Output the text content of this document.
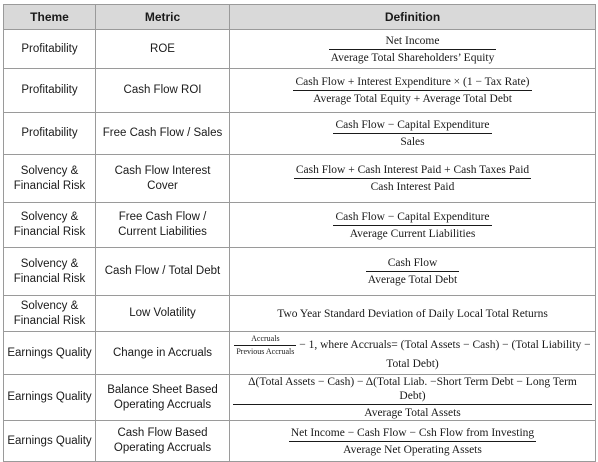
Theme	Metric	Definition
Profitability	ROE	$\frac{\text{Net Income}}{\text{Average Total Shareholders’ Equity}}$

Profitability	Cash Flow ROI	$\frac{\text{Cash Flow + Interest Expenditure × (1 − Tax Rate)}}{\text{Average Total Equity + Average Total Debt}}$

Profitability	Free Cash Flow / Sales	$\frac{\text{Cash Flow − Capital Expenditure}}{\text{Sales}}$

Solvency & Financial Risk	Cash Flow Interest Cover	$\frac{\text{Cash Flow + Cash Interest Paid + Cash Taxes Paid}}{\text{Cash Interest Paid}}$

Solvency & Financial Risk	Free Cash Flow / Current Liabilities	$\frac{\text{Cash Flow − Capital Expenditure}}{\text{Average Current Liabilities}}$

Solvency & Financial Risk	Cash Flow / Total Debt	$\frac{\text{Cash Flow}}{\text{Average Total Debt}}$

Solvency & Financial Risk	Low Volatility	Two Year Standard Deviation of Daily Local Total Returns
Earnings Quality	Change in Accruals	$\frac{\text{Accruals}}{\text{Previous Accruals}} - 1$, where Accruals= (Total Assets − Cash) − (Total Liability −
Total Debt)

Earnings Quality	Balance Sheet Based Operating Accruals	Δ(Total Assets − Cash) − Δ(Total Liab. −Short Term Debt − Long Term Debt)
Average Total Assets

Earnings Quality	Cash Flow Based Operating Accruals	$\frac{\text{Net Income − Cash Flow − Csh Flow from Investing}}{\text{Average Net Operating Assets}}$
